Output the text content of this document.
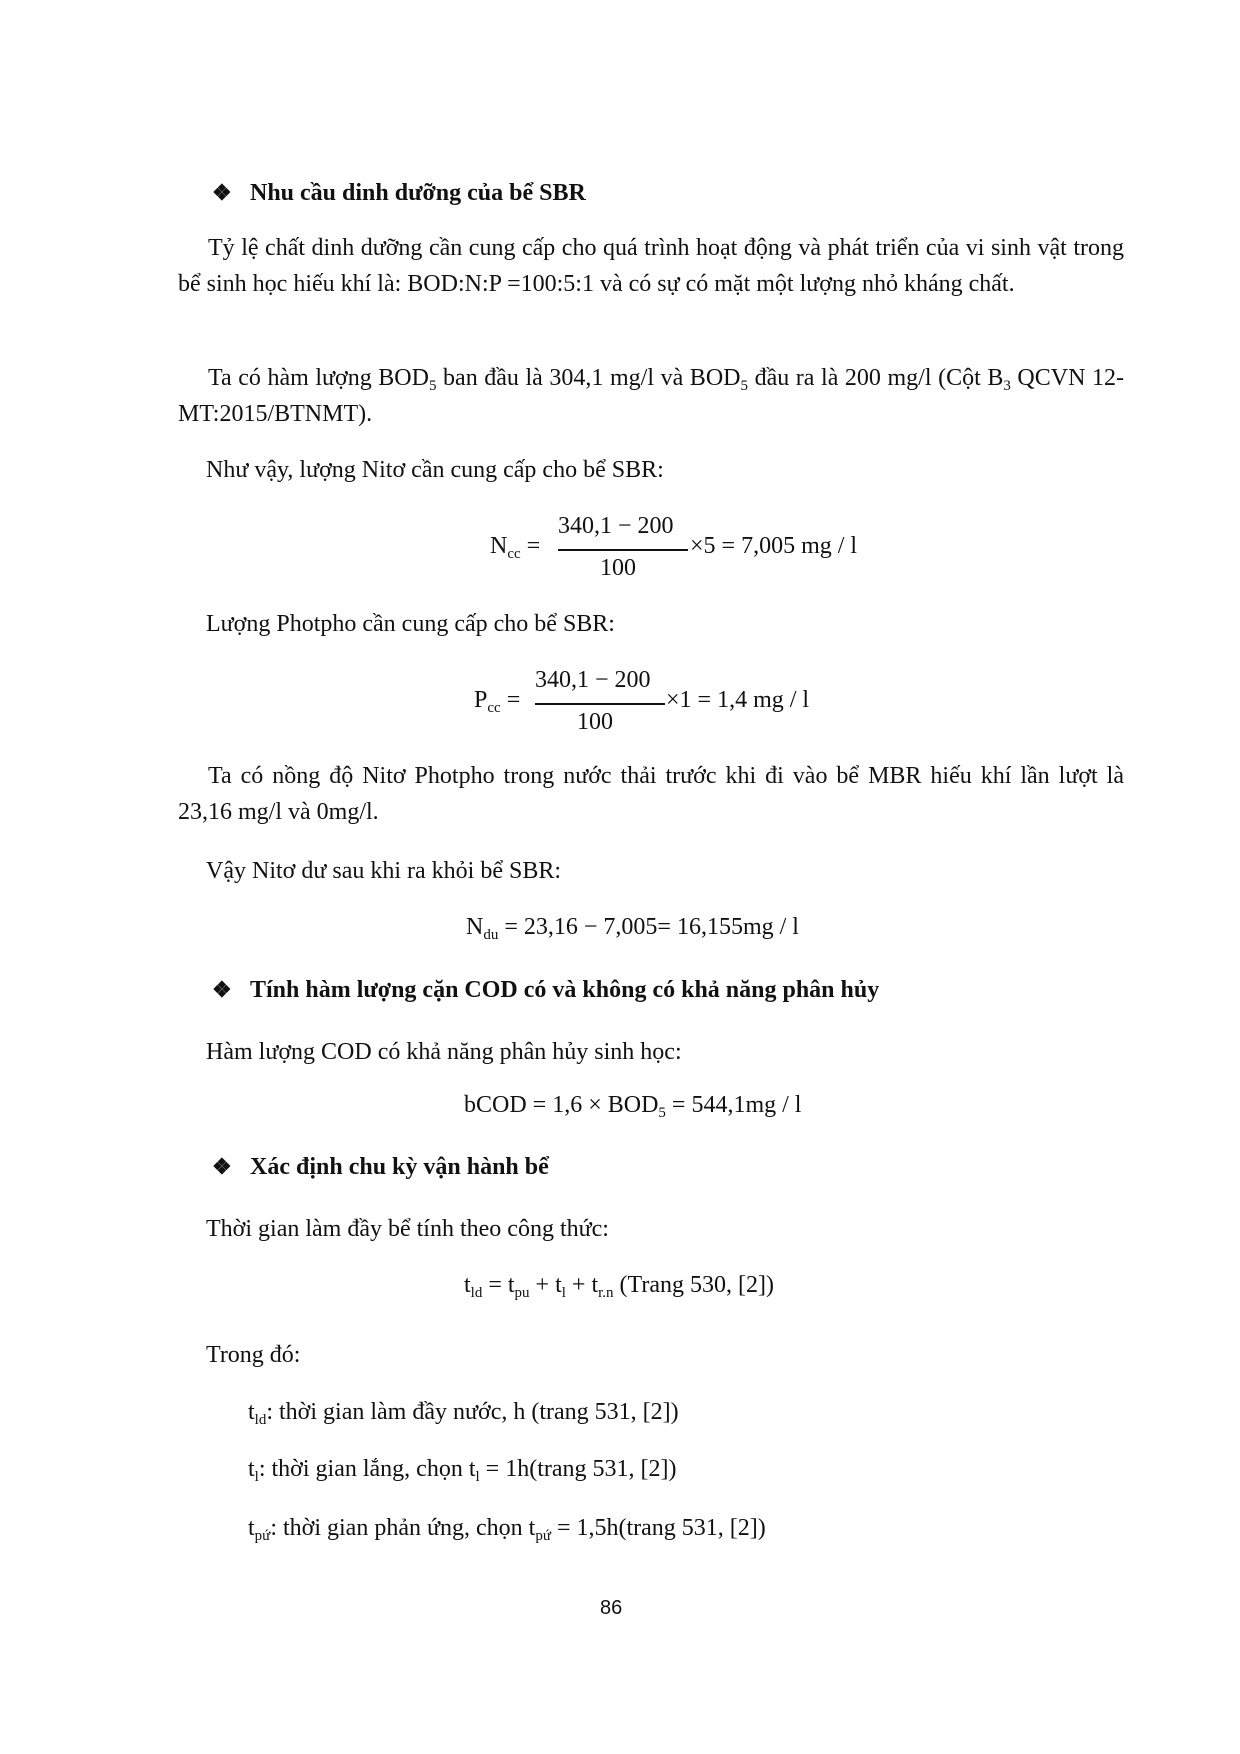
❖ Nhu cầu dinh dưỡng của bể SBR
Tỷ lệ chất dinh dưỡng cần cung cấp cho quá trình hoạt động và phát triển của vi sinh vật trong bể sinh học hiếu khí là: BOD:N:P =100:5:1 và có sự có mặt một lượng nhỏ kháng chất.
Ta có hàm lượng $BOD_5$ ban đầu là 304,1 mg/l và $BOD_5$ đầu ra là 200 mg/l (Cột $B_3$ QCVN 12-MT:2015/BTNMT).
Như vậy, lượng Nitơ cần cung cấp cho bể SBR:
$N_{cc}$ =
340,1 − 200
100
×5 = 7,005 mg / l
Lượng Photpho cần cung cấp cho bể SBR:
$P_{cc}$ =
340,1 − 200
100
×1 = 1,4 mg / l
Ta có nồng độ Nitơ Photpho trong nước thải trước khi đi vào bể MBR hiếu khí lần lượt là 23,16 mg/l và 0mg/l.
Vậy Nitơ dư sau khi ra khỏi bể SBR:
$N_{du} = 23,16 - 7,005= 16,155mg / l$
❖ Tính hàm lượng cặn COD có và không có khả năng phân hủy
Hàm lượng COD có khả năng phân hủy sinh học:
bCOD = $1,6 \times BOD_5 = 544,1mg / l$
❖ Xác định chu kỳ vận hành bể
Thời gian làm đầy bể tính theo công thức:
$t_{ld} = t_{pu} + t_l + t_{r.n}$ (Trang 530, [2])
Trong đó:
$t_{ld}$: thời gian làm đầy nước, h (trang 531, [2])
$t_l$: thời gian lắng, chọn $t_l$ = 1h(trang 531, [2])
$t_{pứ}$: thời gian phản ứng, chọn $t_{pứ}$ = 1,5h(trang 531, [2])
86
